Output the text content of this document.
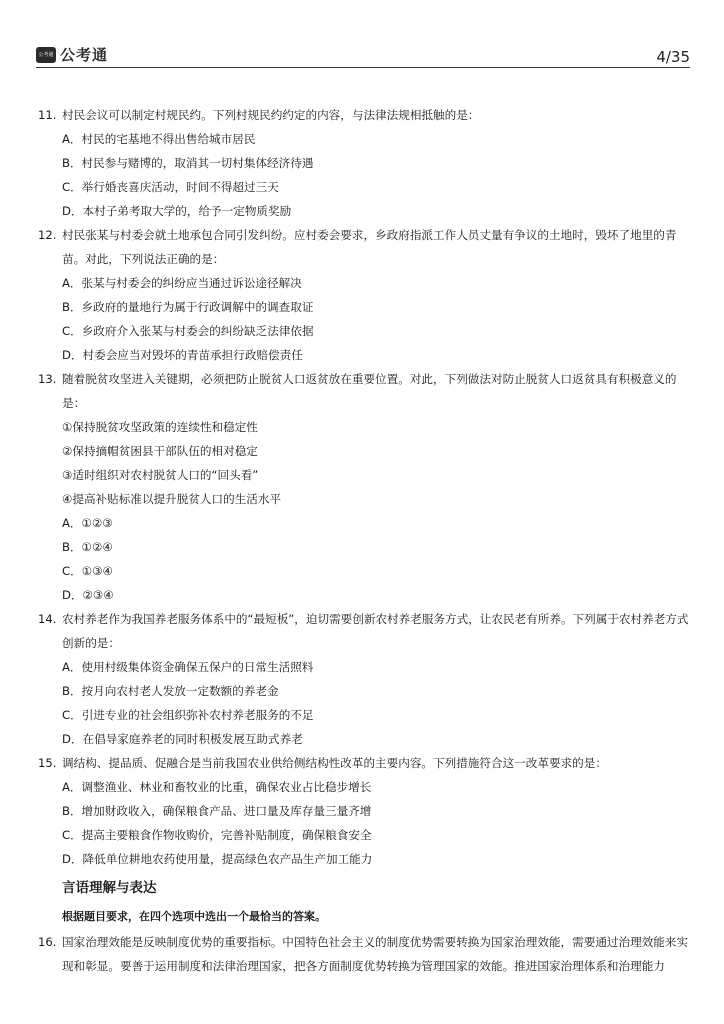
公考通 公考通	4/35
11. 村民会议可以制定村规民约。下列村规民约约定的内容，与法律法规相抵触的是：
A．村民的宅基地不得出售给城市居民
B．村民参与赌博的，取消其一切村集体经济待遇
C．举行婚丧喜庆活动，时间不得超过三天
D．本村子弟考取大学的，给予一定物质奖励
12. 村民张某与村委会就土地承包合同引发纠纷。应村委会要求，乡政府指派工作人员丈量有争议的土地时，毁坏了地里的青苗。对此，下列说法正确的是：
A．张某与村委会的纠纷应当通过诉讼途径解决
B．乡政府的量地行为属于行政调解中的调查取证
C．乡政府介入张某与村委会的纠纷缺乏法律依据
D．村委会应当对毁坏的青苗承担行政赔偿责任
13. 随着脱贫攻坚进入关键期，必须把防止脱贫人口返贫放在重要位置。对此，下列做法对防止脱贫人口返贫具有积极意义的是：
①保持脱贫攻坚政策的连续性和稳定性
②保持摘帽贫困县干部队伍的相对稳定
③适时组织对农村脱贫人口的“回头看”
④提高补贴标准以提升脱贫人口的生活水平
A．①②③
B．①②④
C．①③④
D．②③④
14. 农村养老作为我国养老服务体系中的“最短板”，迫切需要创新农村养老服务方式，让农民老有所养。下列属于农村养老方式创新的是：
A．使用村级集体资金确保五保户的日常生活照料
B．按月向农村老人发放一定数额的养老金
C．引进专业的社会组织弥补农村养老服务的不足
D．在倡导家庭养老的同时积极发展互助式养老
15. 调结构、提品质、促融合是当前我国农业供给侧结构性改革的主要内容。下列措施符合这一改革要求的是：
A．调整渔业、林业和畜牧业的比重，确保农业占比稳步增长
B．增加财政收入，确保粮食产品、进口量及库存量三量齐增
C．提高主要粮食作物收购价，完善补贴制度，确保粮食安全
D．降低单位耕地农药使用量，提高绿色农产品生产加工能力
言语理解与表达
根据题目要求，在四个选项中选出一个最恰当的答案。
16. 国家治理效能是反映制度优势的重要指标。中国特色社会主义的制度优势需要转换为国家治理效能，需要通过治理效能来实现和彰显。要善于运用制度和法律治理国家，把各方面制度优势转换为管理国家的效能。推进国家治理体系和治理能力
